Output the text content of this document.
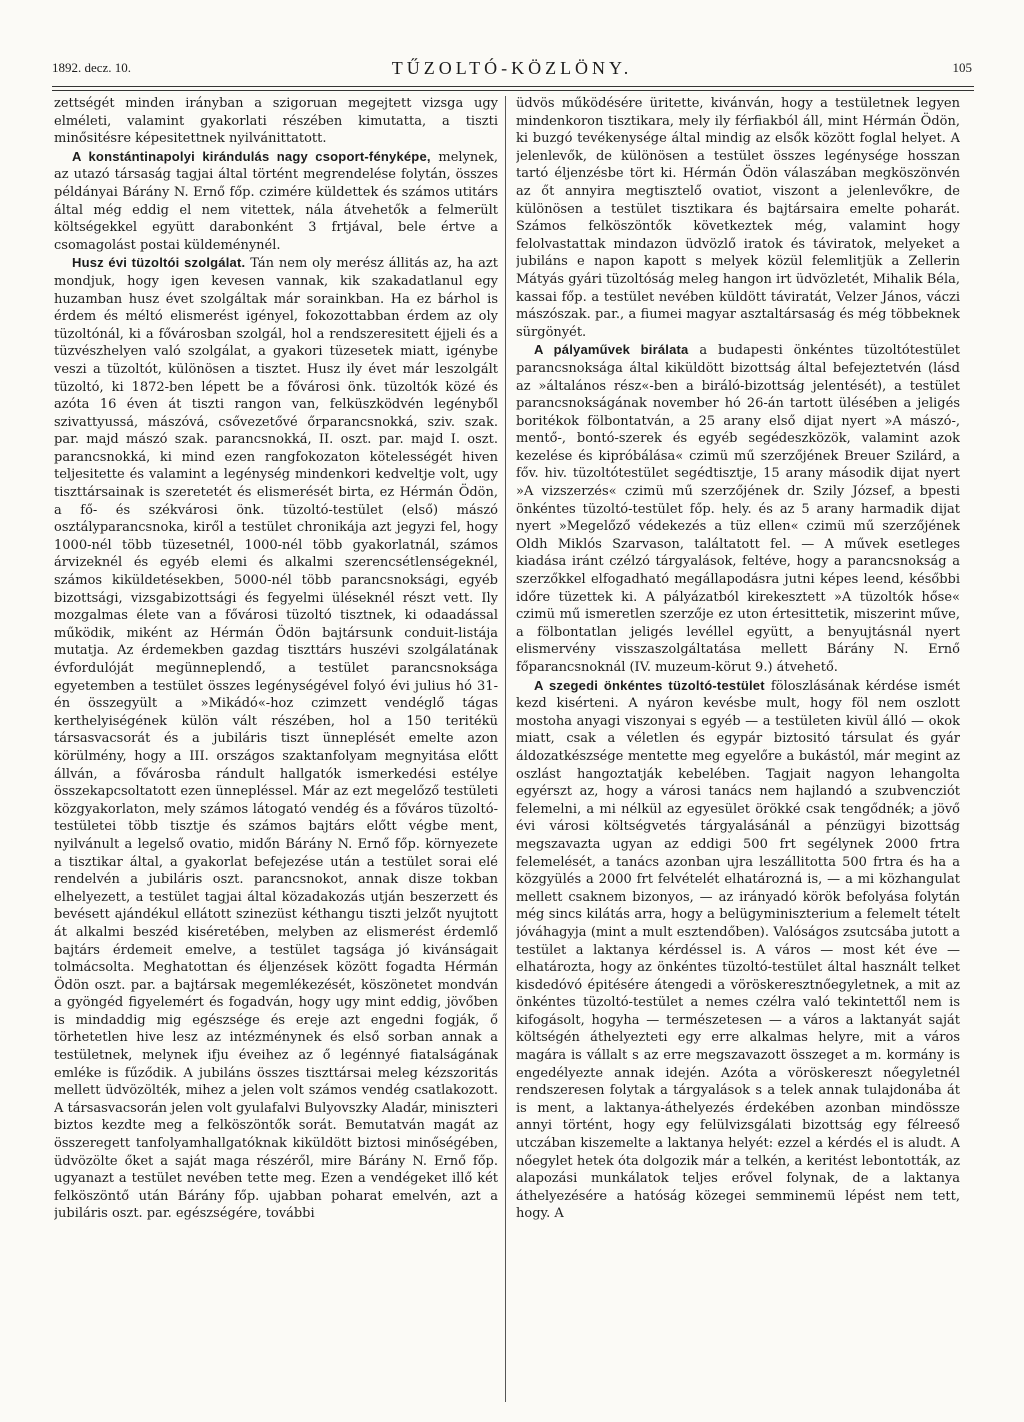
1892. decz. 10.	TŰZOLTÓ-KÖZLÖNY.	105

zettségét minden irányban a szigoruan megejtett vizsga ugy elméleti, valamint gyakorlati részében kimutatta, a tiszti minősitésre képesitettnek nyilvánittatott.

A konstántinapolyi kirándulás nagy csoport-fényképe, melynek, az utazó társaság tagjai által történt megrendelése folytán, összes példányai Bárány N. Ernő főp. czimére küldettek és számos utitárs által még eddig el nem vitettek, nála átvehetők a felmerült költségekkel együtt darabonként 3 frtjával, bele értve a csomagolást postai küldeménynél.

Husz évi tüzoltói szolgálat. Tán nem oly merész állitás az, ha azt mondjuk, hogy igen kevesen vannak, kik szakadatlanul egy huzamban husz évet szolgáltak már sorainkban. Ha ez bárhol is érdem és méltó elismerést igényel, fokozottabban érdem az oly tüzoltónál, ki a fővárosban szolgál, hol a rendszeresitett éjjeli és a tüzvészhelyen való szolgálat, a gyakori tüzesetek miatt, igénybe veszi a tüzoltót, különösen a tisztet. Husz ily évet már leszolgált tüzoltó, ki 1872-ben lépett be a fővárosi önk. tüzoltók közé és azóta 16 éven át tiszti rangon van, felküszködvén legényből szivattyussá, mászóvá, csővezetővé őrparancsnokká, sziv. szak. par. majd mászó szak. parancsnokká, II. oszt. par. majd I. oszt. parancsnokká, ki mind ezen rangfokozaton kötelességét hiven teljesitette és valamint a legénység mindenkori kedveltje volt, ugy tiszttársainak is szeretetét és elismerését birta, ez Hérmán Ödön, a fő- és székvárosi önk. tüzoltó-testület (első) mászó osztályparancsnoka, kiről a testület chronikája azt jegyzi fel, hogy 1000-nél több tüzesetnél, 1000-nél több gyakorlatnál, számos árvizeknél és egyéb elemi és alkalmi szerencsétlenségeknél, számos kiküldetésekben, 5000-nél több parancsnoksági, egyéb bizottsági, vizsgabizottsági és fegyelmi üléseknél részt vett. Ily mozgalmas élete van a fővárosi tüzoltó tisztnek, ki odaadással működik, miként az Hérmán Ödön bajtársunk conduit-listája mutatja. Az érdemekben gazdag tiszttárs huszévi szolgálatának évfordulóját megünneplendő, a testület parancsnoksága egyetemben a testület összes legénységével folyó évi julius hó 31-én összegyült a »Mikádó«-hoz czimzett vendéglő tágas kerthelyiségének külön vált részében, hol a 150 teritékü társasvacsorát és a jubiláris tiszt ünneplését emelte azon körülmény, hogy a III. országos szaktanfolyam megnyitása előtt állván, a fővárosba rándult hallgatók ismerkedési estélye összekapcsoltatott ezen ünnepléssel. Már az ezt megelőző testületi közgyakorlaton, mely számos látogató vendég és a főváros tüzoltó-testületei több tisztje és számos bajtárs előtt végbe ment, nyilvánult a legelső ovatio, midőn Bárány N. Ernő főp. környezete a tisztikar által, a gyakorlat befejezése után a testület sorai elé rendelvén a jubiláris oszt. parancsnokot, annak disze tokban elhelyezett, a testület tagjai által közadakozás utján beszerzett és bevésett ajándékul ellátott szinezüst kéthangu tiszti jelzőt nyujtott át alkalmi beszéd kiséretében, melyben az elismerést érdemlő bajtárs érdemeit emelve, a testület tagsága jó kivánságait tolmácsolta. Meghatottan és éljenzések között fogadta Hérmán Ödön oszt. par. a bajtársak megemlékezését, köszönetet mondván a gyöngéd figyelemért és fogadván, hogy ugy mint eddig, jövőben is mindaddig mig egészsége és ereje azt engedni fogják, ő törhetetlen hive lesz az intézménynek és első sorban annak a testületnek, melynek ifju éveihez az ő legénnyé fiatalságának emléke is fűződik. A jubiláns összes tiszttársai meleg kézszoritás mellett üdvözölték, mihez a jelen volt számos vendég csatlakozott. A társasvacsorán jelen volt gyulafalvi Bulyovszky Aladár, miniszteri biztos kezdte meg a felköszöntők sorát. Bemutatván magát az összeregett tanfolyamhallgatóknak kiküldött biztosi minőségében, üdvözölte őket a saját maga részéről, mire Bárány N. Ernő főp. ugyanazt a testület nevében tette meg. Ezen a vendégeket illő két felköszöntő után Bárány főp. ujabban poharat emelvén, azt a jubiláris oszt. par. egészségére, további

üdvös működésére üritette, kivánván, hogy a testületnek legyen mindenkoron tisztikara, mely ily férfiakból áll, mint Hérmán Ödön, ki buzgó tevékenysége által mindig az elsők között foglal helyet. A jelenlevők, de különösen a testület összes legénysége hosszan tartó éljenzésbe tört ki. Hérmán Ödön válaszában megköszönvén az őt annyira megtisztelő ovatiot, viszont a jelenlevőkre, de különösen a testület tisztikara és bajtársaira emelte poharát. Számos felköszöntők következtek még, valamint hogy felolvastattak mindazon üdvözlő iratok és táviratok, melyeket a jubiláns e napon kapott s melyek közül felemlitjük a Zellerin Mátyás gyári tüzoltóság meleg hangon irt üdvözletét, Mihalik Béla, kassai főp. a testület nevében küldött táviratát, Velzer János, váczi mászószak. par., a fiumei magyar asztaltársaság és még többeknek sürgönyét.

A pályaművek birálata a budapesti önkéntes tüzoltótestület parancsnoksága által kiküldött bizottság által befejeztetvén (lásd az »általános rész«-ben a biráló-bizottság jelentését), a testület parancsnokságának november hó 26-án tartott ülésében a jeligés boritékok fölbontatván, a 25 arany első dijat nyert »A mászó-, mentő-, bontó-szerek és egyéb segédeszközök, valamint azok kezelése és kipróbálása« czimü mű szerzőjének Breuer Szilárd, a főv. hiv. tüzoltótestület segédtisztje, 15 arany második dijat nyert »A vizszerzés« czimü mű szerzőjének dr. Szily József, a bpesti önkéntes tüzoltó-testület főp. hely. és az 5 arany harmadik dijat nyert »Megelőző védekezés a tüz ellen« czimü mű szerzőjének Oldh Miklós Szarvason, találtatott fel. — A művek esetleges kiadása iránt czélzó tárgyalások, feltéve, hogy a parancsnokság a szerzőkkel elfogadható megállapodásra jutni képes leend, későbbi időre tüzettek ki. A pályázatból kirekesztett »A tüzoltók hőse« czimü mű ismeretlen szerzője ez uton értesittetik, miszerint műve, a fölbontatlan jeligés levéllel együtt, a benyujtásnál nyert elismervény visszaszolgáltatása mellett Bárány N. Ernő főparancsnoknál (IV. muzeum-körut 9.) átvehető.

A szegedi önkéntes tüzoltó-testület föloszlásának kérdése ismét kezd kisérteni. A nyáron kevésbe mult, hogy föl nem oszlott mostoha anyagi viszonyai s egyéb — a testületen kivül álló — okok miatt, csak a véletlen és egypár biztositó társulat és gyár áldozatkészsége mentette meg egyelőre a bukástól, már megint az oszlást hangoztatják kebelében. Tagjait nagyon lehangolta egyérszt az, hogy a városi tanács nem hajlandó a szubvencziót felemelni, a mi nélkül az egyesület örökké csak tengődnék; a jövő évi városi költségvetés tárgyalásánál a pénzügyi bizottság megszavazta ugyan az eddigi 500 frt segélynek 2000 frtra felemelését, a tanács azonban ujra leszállitotta 500 frtra és ha a közgyülés a 2000 frt felvételét elhatározná is, — a mi közhangulat mellett csaknem bizonyos, — az irányadó körök befolyása folytán még sincs kilátás arra, hogy a belügyminiszterium a felemelt tételt jóváhagyja (mint a mult esztendőben). Valóságos zsutcsába jutott a testület a laktanya kérdéssel is. A város — most két éve — elhatározta, hogy az önkéntes tüzoltó-testület által használt telket kisdedóvó épitésére átengedi a vöröskeresztnőegyletnek, a mit az önkéntes tüzoltó-testület a nemes czélra való tekintettől nem is kifogásolt, hogyha — természetesen — a város a laktanyát saját költségén áthelyezteti egy erre alkalmas helyre, mit a város magára is vállalt s az erre megszavazott összeget a m. kormány is engedélyezte annak idején. Azóta a vöröskereszt nőegyletnél rendszeresen folytak a tárgyalások s a telek annak tulajdonába át is ment, a laktanya-áthelyezés érdekében azonban mindössze annyi történt, hogy egy felülvizsgálati bizottság egy félreeső utczában kiszemelte a laktanya helyét: ezzel a kérdés el is aludt. A nőegylet hetek óta dolgozik már a telkén, a keritést lebontották, az alapozási munkálatok teljes erővel folynak, de a laktanya áthelyezésére a hatóság közegei semminemü lépést nem tett, hogy. A
